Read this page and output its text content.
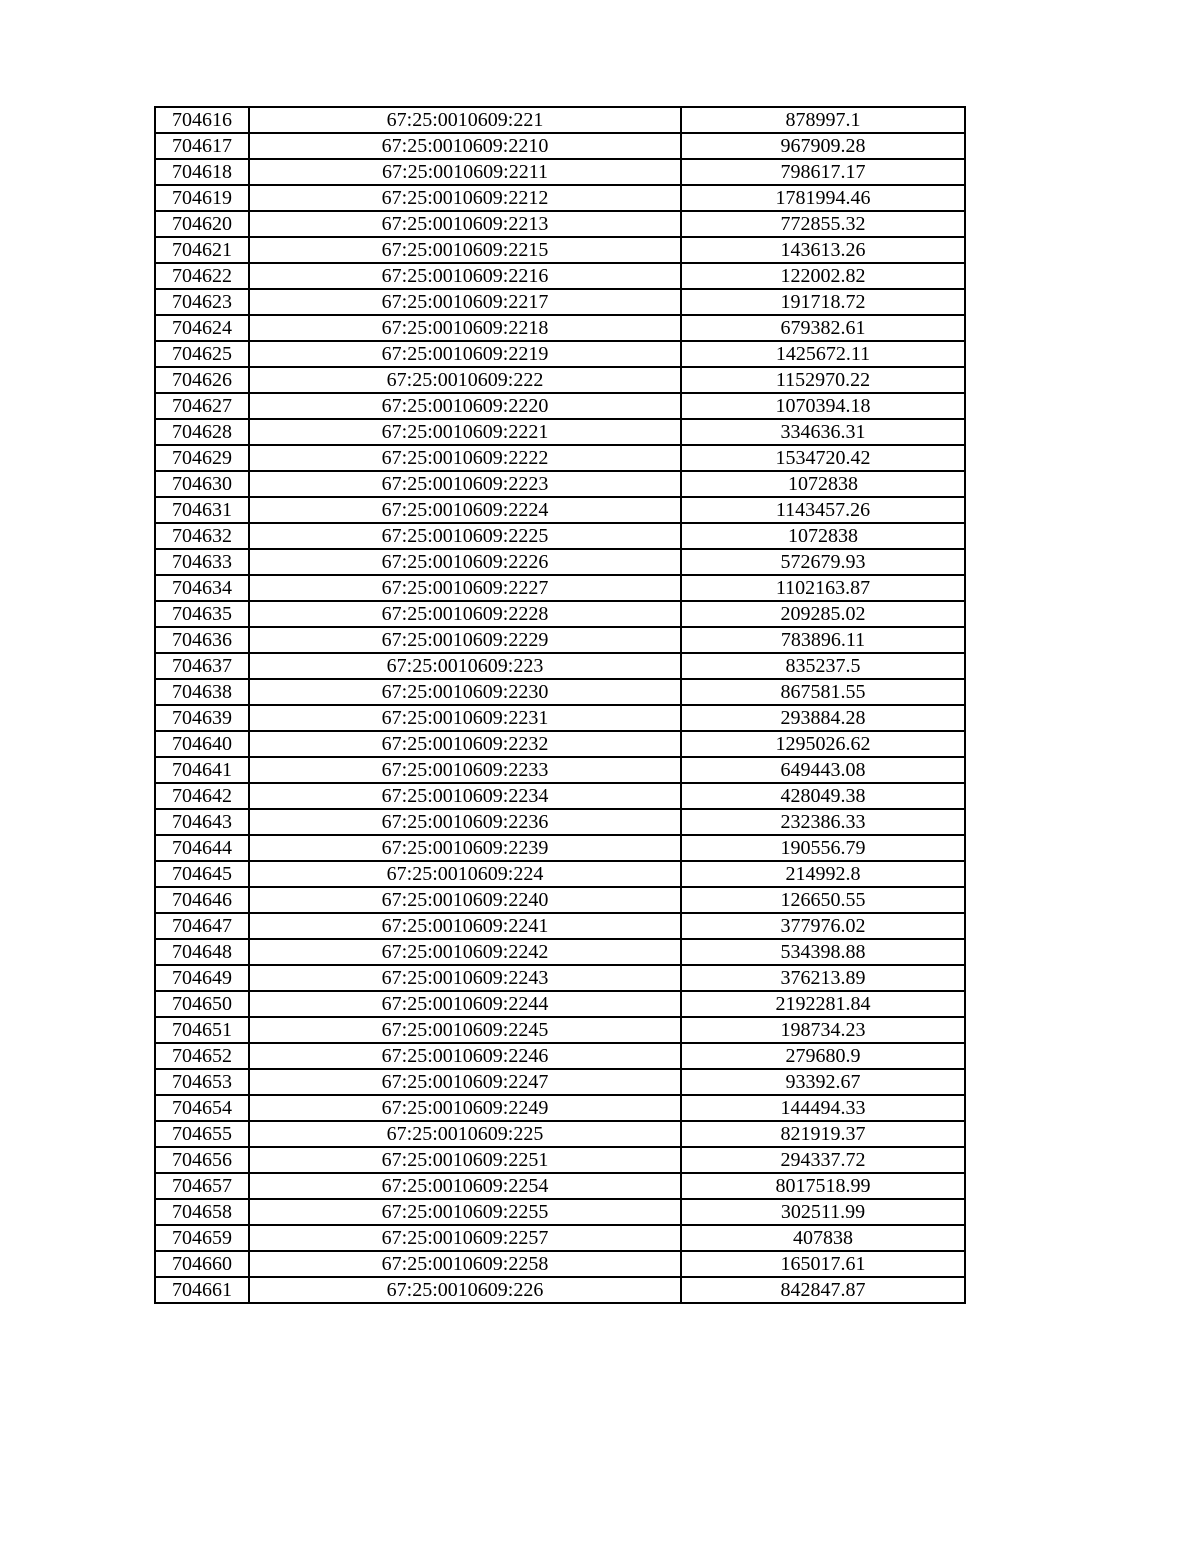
704616	67:25:0010609:221	878997.1
704617	67:25:0010609:2210	967909.28
704618	67:25:0010609:2211	798617.17
704619	67:25:0010609:2212	1781994.46
704620	67:25:0010609:2213	772855.32
704621	67:25:0010609:2215	143613.26
704622	67:25:0010609:2216	122002.82
704623	67:25:0010609:2217	191718.72
704624	67:25:0010609:2218	679382.61
704625	67:25:0010609:2219	1425672.11
704626	67:25:0010609:222	1152970.22
704627	67:25:0010609:2220	1070394.18
704628	67:25:0010609:2221	334636.31
704629	67:25:0010609:2222	1534720.42
704630	67:25:0010609:2223	1072838
704631	67:25:0010609:2224	1143457.26
704632	67:25:0010609:2225	1072838
704633	67:25:0010609:2226	572679.93
704634	67:25:0010609:2227	1102163.87
704635	67:25:0010609:2228	209285.02
704636	67:25:0010609:2229	783896.11
704637	67:25:0010609:223	835237.5
704638	67:25:0010609:2230	867581.55
704639	67:25:0010609:2231	293884.28
704640	67:25:0010609:2232	1295026.62
704641	67:25:0010609:2233	649443.08
704642	67:25:0010609:2234	428049.38
704643	67:25:0010609:2236	232386.33
704644	67:25:0010609:2239	190556.79
704645	67:25:0010609:224	214992.8
704646	67:25:0010609:2240	126650.55
704647	67:25:0010609:2241	377976.02
704648	67:25:0010609:2242	534398.88
704649	67:25:0010609:2243	376213.89
704650	67:25:0010609:2244	2192281.84
704651	67:25:0010609:2245	198734.23
704652	67:25:0010609:2246	279680.9
704653	67:25:0010609:2247	93392.67
704654	67:25:0010609:2249	144494.33
704655	67:25:0010609:225	821919.37
704656	67:25:0010609:2251	294337.72
704657	67:25:0010609:2254	8017518.99
704658	67:25:0010609:2255	302511.99
704659	67:25:0010609:2257	407838
704660	67:25:0010609:2258	165017.61
704661	67:25:0010609:226	842847.87
